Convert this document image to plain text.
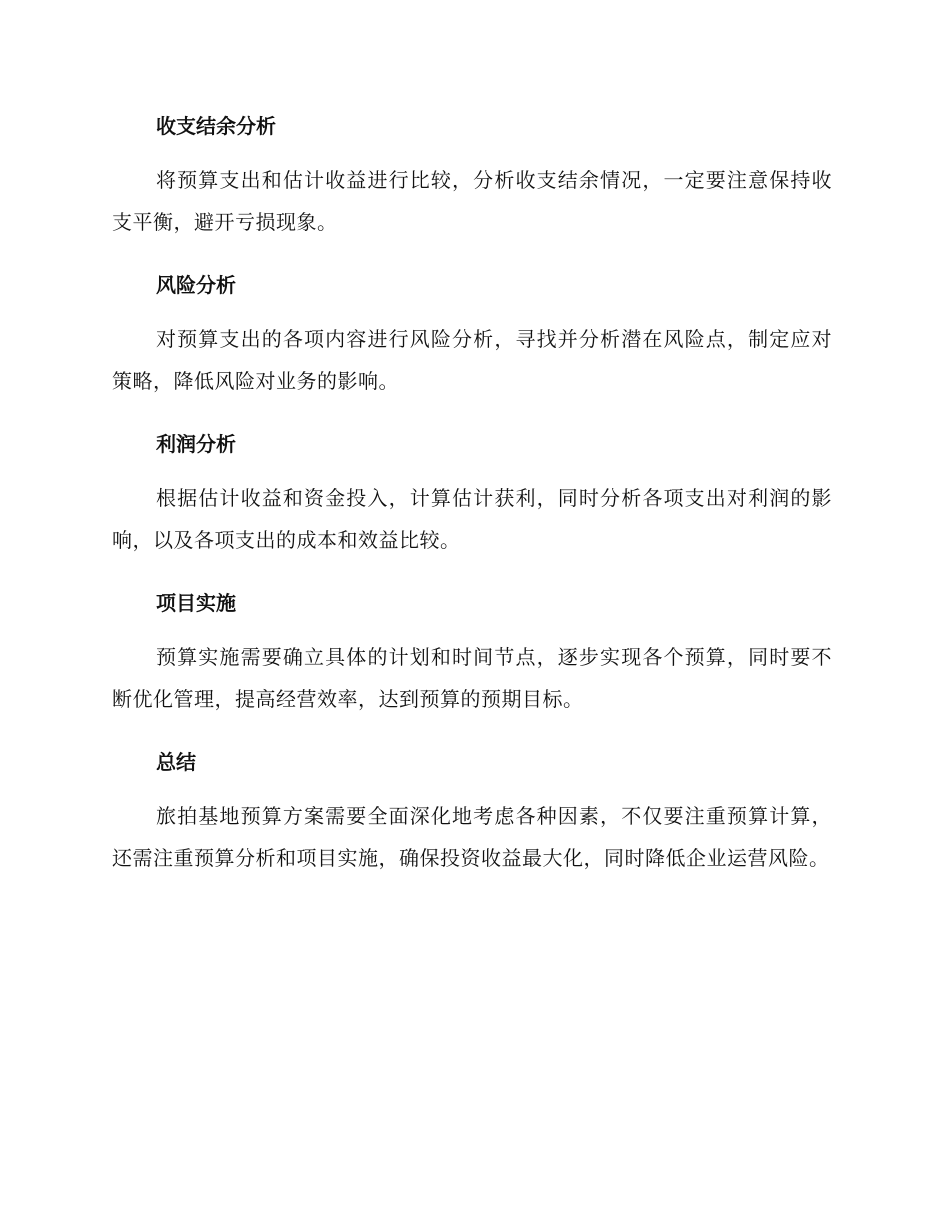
收支结余分析

将预算支出和估计收益进行比较，分析收支结余情况，一定要注意保持收支平衡，避开亏损现象。

风险分析

对预算支出的各项内容进行风险分析，寻找并分析潜在风险点，制定应对策略，降低风险对业务的影响。

利润分析

根据估计收益和资金投入，计算估计获利，同时分析各项支出对利润的影响，以及各项支出的成本和效益比较。

项目实施

预算实施需要确立具体的计划和时间节点，逐步实现各个预算，同时要不断优化管理，提高经营效率，达到预算的预期目标。

总结

旅拍基地预算方案需要全面深化地考虑各种因素，不仅要注重预算计算，还需注重预算分析和项目实施，确保投资收益最大化，同时降低企业运营风险。
